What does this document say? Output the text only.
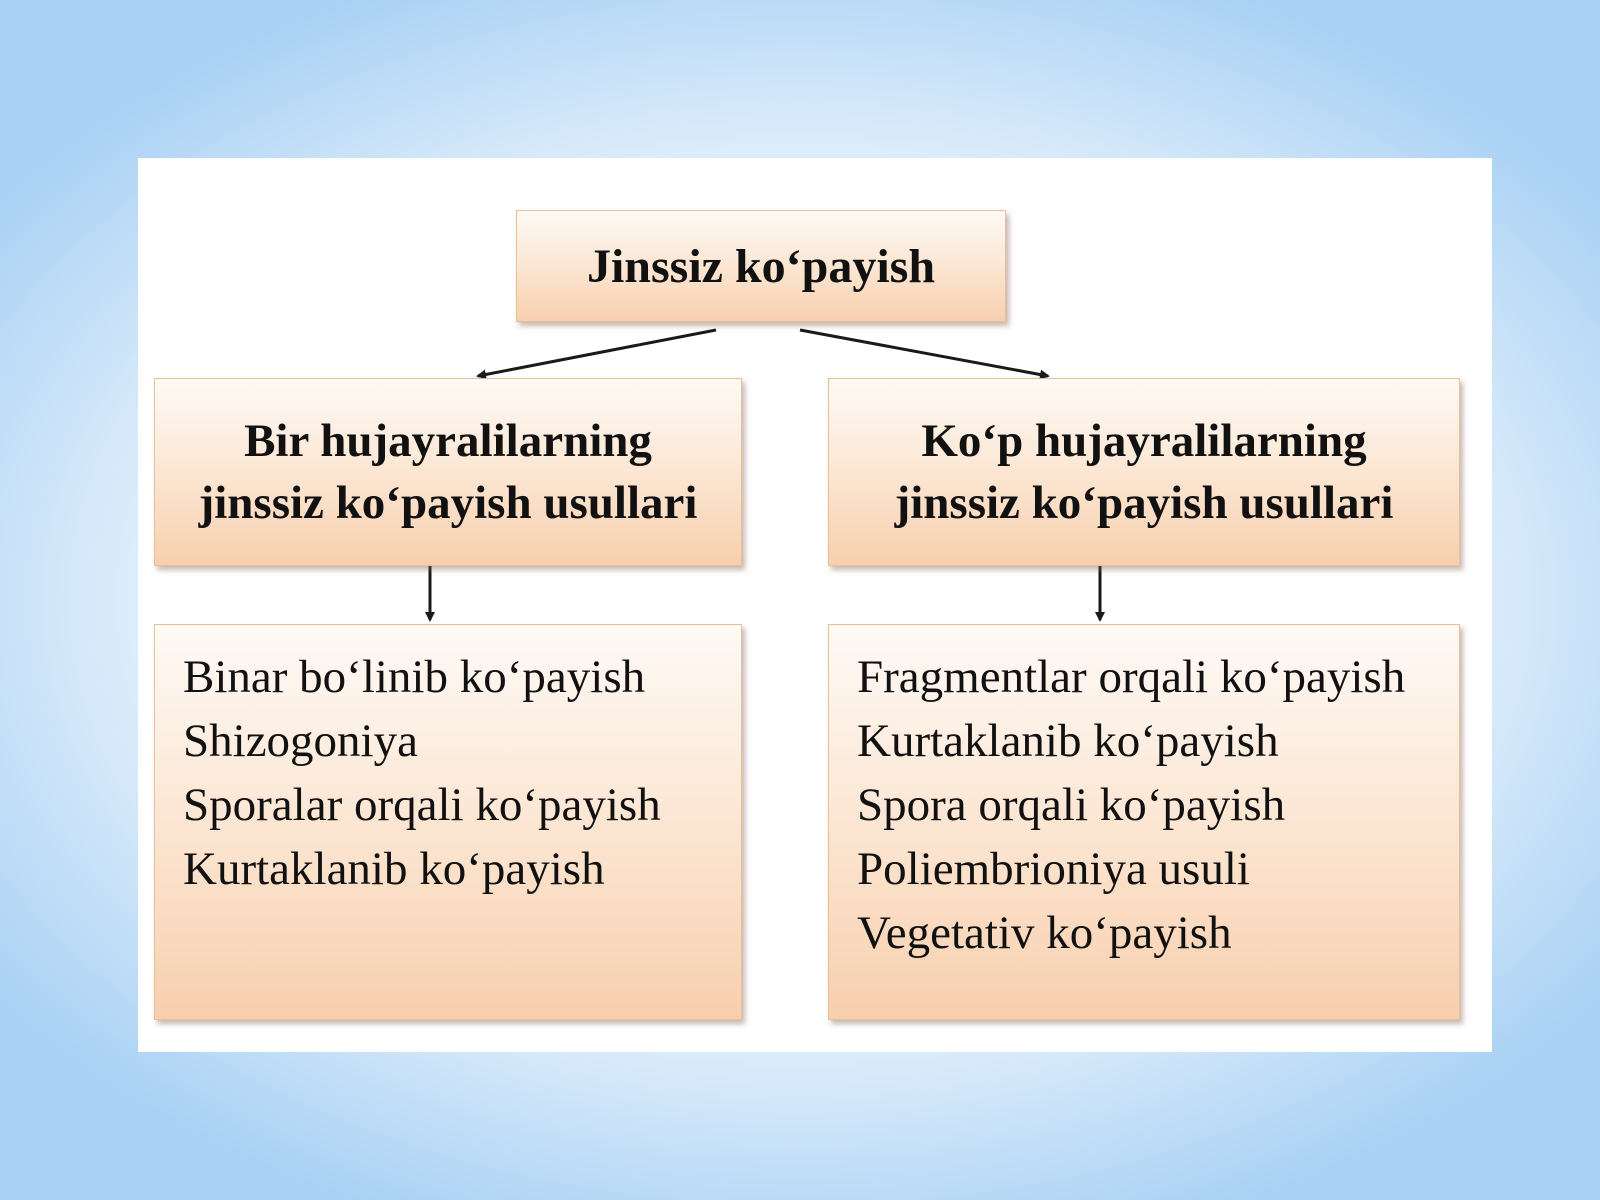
Jinssiz ko‘payish
Bir hujayralilarning
jinssiz ko‘payish usullari
Ko‘p hujayralilarning
jinssiz ko‘payish usullari
Binar bo‘linib ko‘payish
Shizogoniya
Sporalar orqali ko‘payish
Kurtaklanib ko‘payish
Fragmentlar orqali ko‘payish
Kurtaklanib ko‘payish
Spora orqali ko‘payish
Poliembrioniya usuli
Vegetativ ko‘payish
